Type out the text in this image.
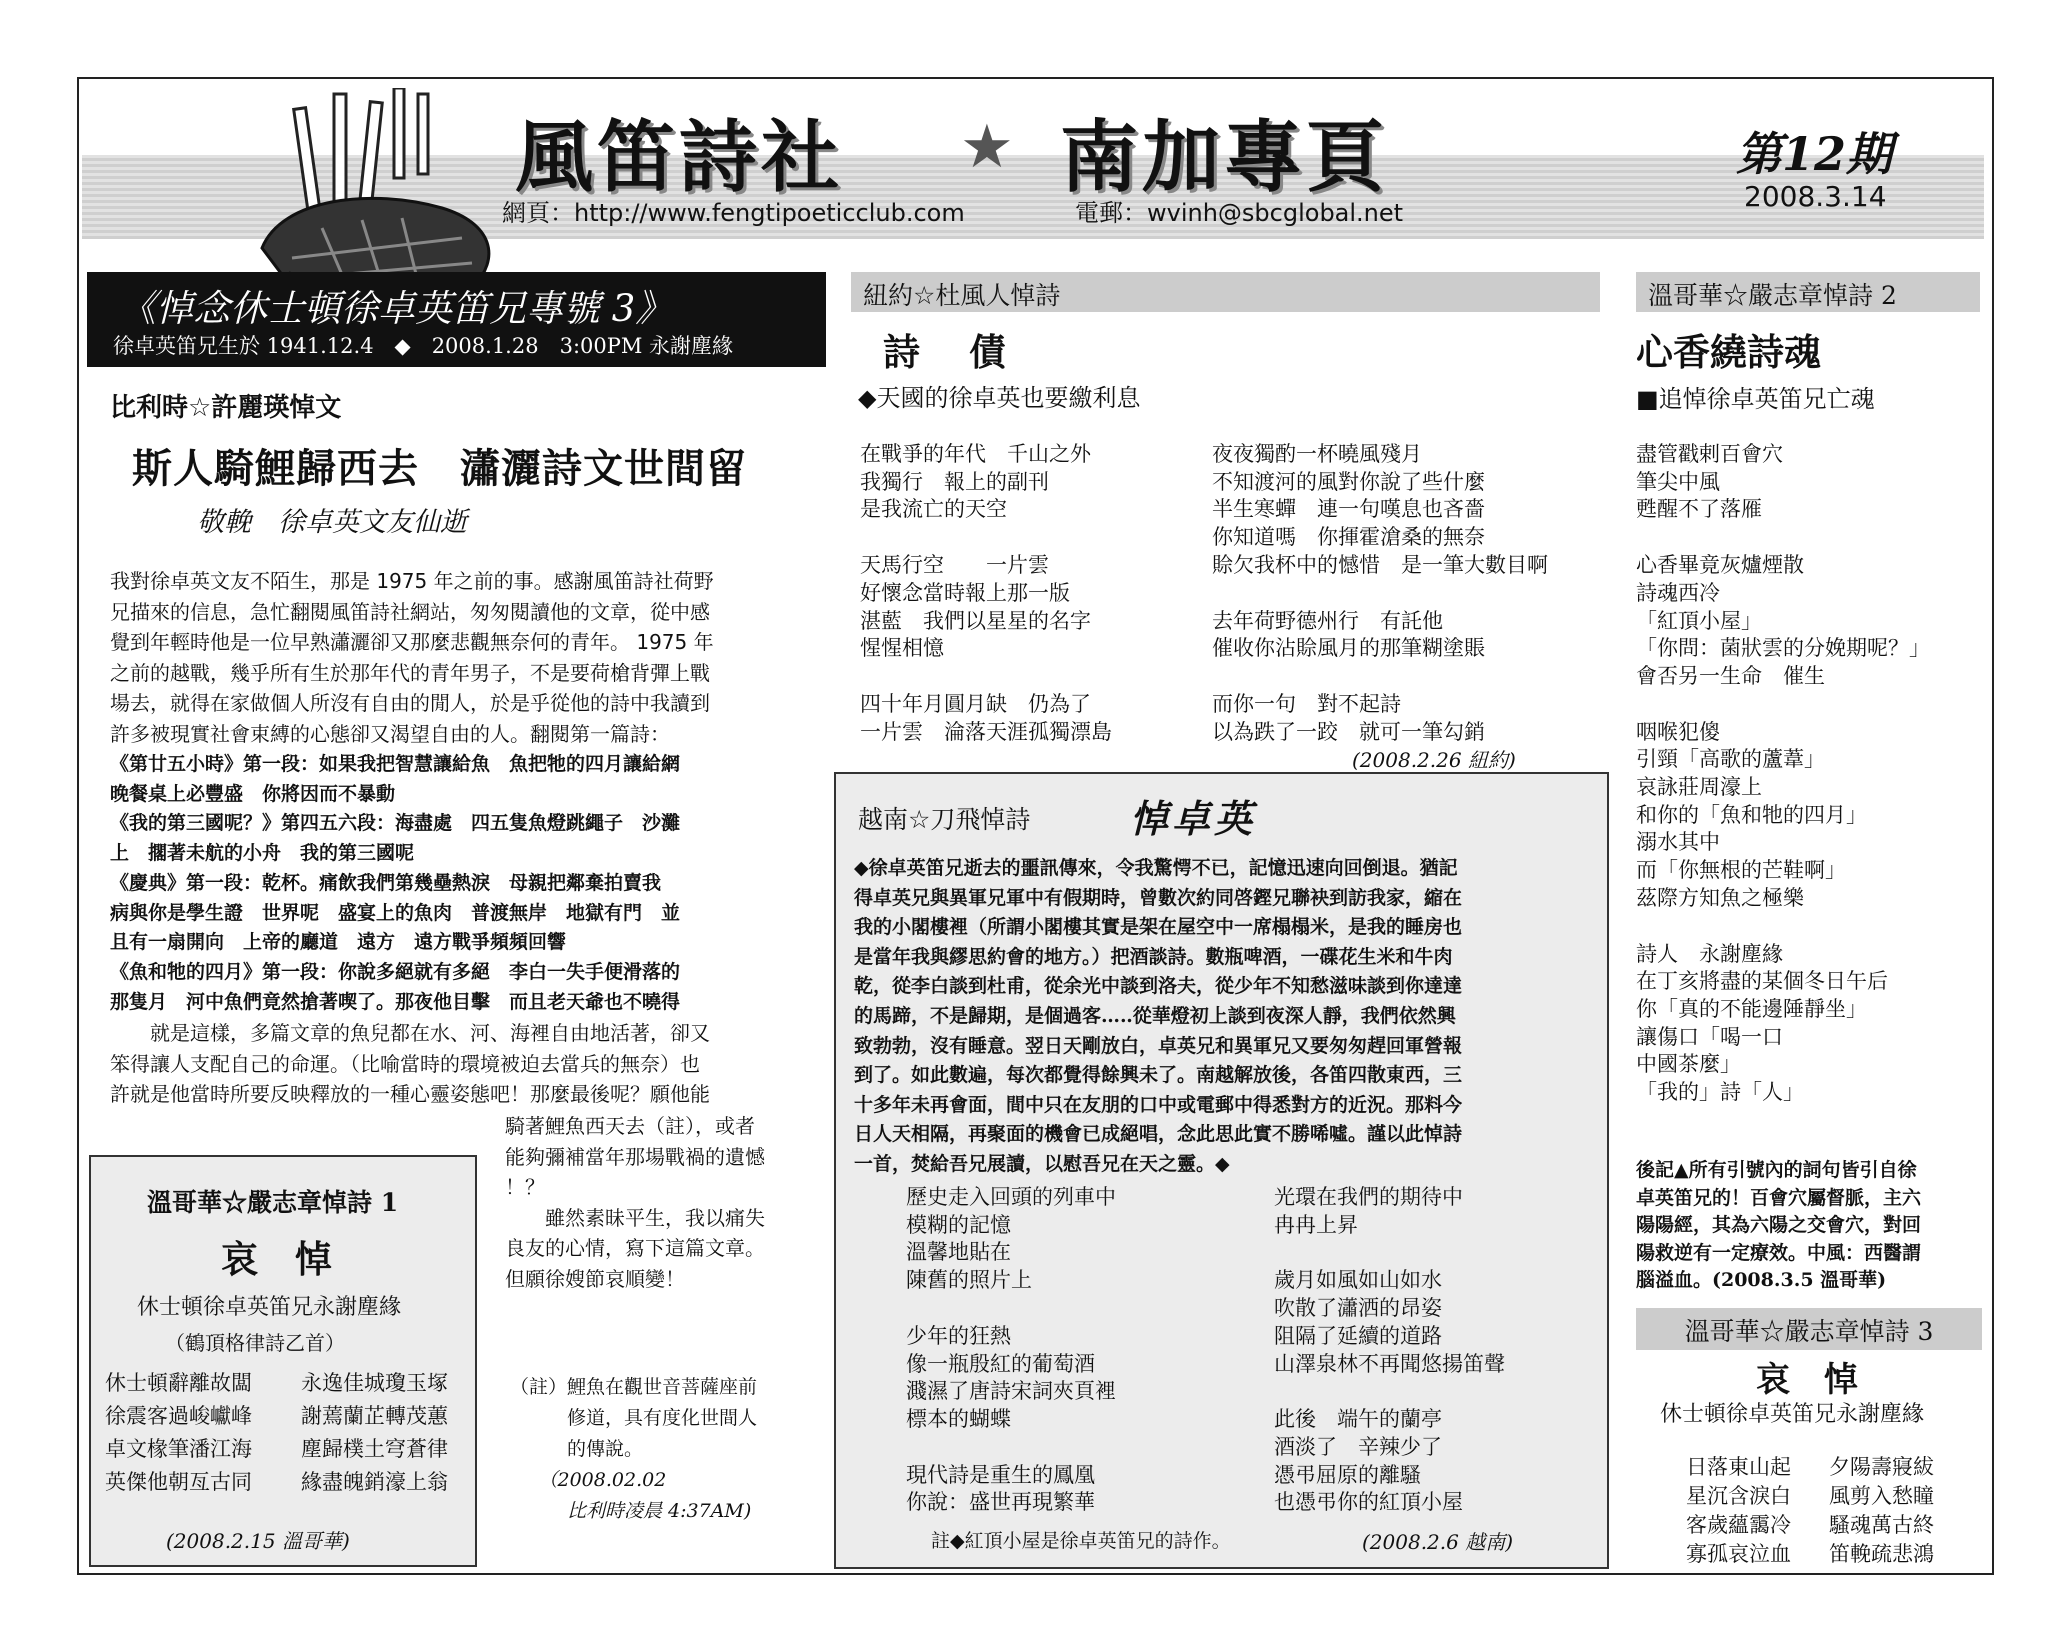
風笛詩社 ★ 南加專頁	第12期
2008.3.14
網頁：http://www.fengtipoeticclub.com	電郵：wvinh@sbcglobal.net
《悼念休士頓徐卓英笛兄專號 3》
徐卓英笛兄生於 1941.12.4　◆　2008.1.28　3:00PM 永謝塵緣
比利時☆許麗瑛悼文
斯人騎鯉歸西去　瀟灑詩文世間留
敬輓　徐卓英文友仙逝
我對徐卓英文友不陌生，那是 1975 年之前的事。感謝風笛詩社荷野
兄描來的信息，急忙翻閱風笛詩社網站，匆匆閱讀他的文章，從中感
覺到年輕時他是一位早熟瀟灑卻又那麼悲觀無奈何的青年。 1975 年
之前的越戰，幾乎所有生於那年代的青年男子，不是要荷槍背彈上戰
場去，就得在家做個人所沒有自由的閒人，於是乎從他的詩中我讀到
許多被現實社會束縛的心態卻又渴望自由的人。翻閱第一篇詩：
《第廿五小時》第一段：如果我把智慧讓給魚　魚把牠的四月讓給網
晚餐桌上必豐盛　你將因而不暴動
《我的第三國呢？》第四五六段：海盡處　四五隻魚燈跳繩子　沙灘
上　擱著未航的小舟　我的第三國呢
《慶典》第一段：乾杯。痛飲我們第幾壘熱淚　母親把鄰棄拍賣我
病與你是學生證　世界呢　盛宴上的魚肉　普渡無岸　地獄有門　並
且有一扇開向　上帝的廳道　遠方　遠方戰爭頻頻回響
《魚和牠的四月》第一段：你說多絕就有多絕　李白一失手便滑落的
那隻月　河中魚們竟然搶著喫了。那夜他目擊　而且老天爺也不曉得
　　就是這樣，多篇文章的魚兒都在水、河、海裡自由地活著，卻又
笨得讓人支配自己的命運。（比喻當時的環境被迫去當兵的無奈）也
許就是他當時所要反映釋放的一種心靈姿態吧！那麼最後呢？願他能
騎著鯉魚西天去（註），或者
能夠彌補當年那場戰禍的遺憾
！？
　　雖然素昧平生，我以痛失
良友的心情，寫下這篇文章。
但願徐嫂節哀順變！
（註）鯉魚在觀世音菩薩座前
　　　修道，具有度化世間人
　　　的傳說。
　　（2008.02.02
　　　比利時凌晨 4:37AM)
溫哥華☆嚴志章悼詩 1
哀　悼
休士頓徐卓英笛兄永謝塵緣
（鶴頂格律詩乙首）
休士頓辭離故闆
徐震客過峻巘峰
卓文椽筆潘江海
英傑他朝亙古同
永逸佳城瓊玉塚
謝蔫蘭芷轉茂蕙
塵歸樸土穹蒼律
緣盡魄銷濠上翁
(2008.2.15 溫哥華)
紐約☆杜風人悼詩
詩　債
◆天國的徐卓英也要繳利息
在戰爭的年代　千山之外
我獨行　報上的副刊
是我流亡的天空
天馬行空　　一片雲
好懷念當時報上那一版
湛藍　我們以星星的名字
惺惺相憶
四十年月圓月缺　仍為了
一片雲　淪落天涯孤獨漂島
夜夜獨酌一杯曉風殘月
不知渡河的風對你說了些什麼
半生寒蟬　連一句嘆息也吝嗇
你知道嗎　你揮霍滄桑的無奈
賒欠我杯中的憾惜　是一筆大數目啊
去年荷野德州行　有託他
催收你沾賒風月的那筆糊塗賬
而你一句　對不起詩
以為跌了一跤　就可一筆勾銷
(2008.2.26 紐約)
越南☆刀飛悼詩	悼卓英
◆徐卓英笛兄逝去的噩訊傳來，令我驚愕不已，記憶迅速向回倒退。猶記
得卓英兄與異軍兄軍中有假期時，曾數次約同啓鏗兄聯袂到訪我家，縮在
我的小閣樓裡（所謂小閣樓其實是架在屋空中一席榻榻米，是我的睡房也
是當年我與繆思約會的地方。）把酒談詩。數瓶啤酒，一碟花生米和牛肉
乾，從李白談到杜甫，從余光中談到洛夫，從少年不知愁滋味談到你達達
的馬蹄，不是歸期，是個過客…‥從華燈初上談到夜深人靜，我們依然興
致勃勃，沒有睡意。翌日天剛放白，卓英兄和異軍兄又要匆匆趕回軍營報
到了。如此數遍，每次都覺得餘興未了。南越解放後，各笛四散東西，三
十多年未再會面，間中只在友朋的口中或電郵中得悉對方的近況。那料今
日人天相隔，再聚面的機會已成絕唱，念此思此實不勝唏噓。謹以此悼詩
一首，焚給吾兄展讀，以慰吾兄在天之靈。◆
歷史走入回頭的列車中
模糊的記憶
溫馨地貼在
陳舊的照片上
少年的狂熱
像一瓶殷紅的葡萄酒
濺濕了唐詩宋詞夾頁裡
標本的蝴蝶
現代詩是重生的鳳凰
你說：盛世再現繁華
光環在我們的期待中
冉冉上昇
歲月如風如山如水
吹散了瀟洒的昂姿
阻隔了延續的道路
山澤泉林不再聞悠揚笛聲
此後　端午的蘭亭
酒淡了　辛辣少了
憑弔屈原的離騷
也憑弔你的紅頂小屋
註◆紅頂小屋是徐卓英笛兄的詩作。	(2008.2.6 越南)
溫哥華☆嚴志章悼詩 2
心香繞詩魂
■追悼徐卓英笛兄亡魂
盡管戳剌百會穴
筆尖中風
甦醒不了落雁
心香畢竟灰爐煙散
詩魂西冷
「紅頂小屋」
「你問：菌狀雲的分娩期呢？」
會否另一生命　催生
咽喉犯傻
引頸「高歌的蘆葦」
哀詠莊周濠上
和你的「魚和牠的四月」
溺水其中
而「你無根的芒鞋啊」
茲際方知魚之極樂
詩人　永謝塵緣
在丁亥將盡的某個冬日午后
你「真的不能邊陲靜坐」
讓傷口「喝一口
中國茶麼」
「我的」詩「人」
後記▲所有引號內的詞句皆引自徐
卓英笛兄的！百會穴屬督脈，主六
陽陽經，其為六陽之交會穴，對回
陽救逆有一定療效。中風：西醫謂
腦溢血。(2008.3.5 溫哥華)
溫哥華☆嚴志章悼詩 3
哀　悼
休士頓徐卓英笛兄永謝塵緣
日落東山起
星沉含淚白
客歲蘊靄冷
寡孤哀泣血
夕陽壽寢紱
風剪入愁瞳
騷魂萬古終
笛輓疏悲鴻
